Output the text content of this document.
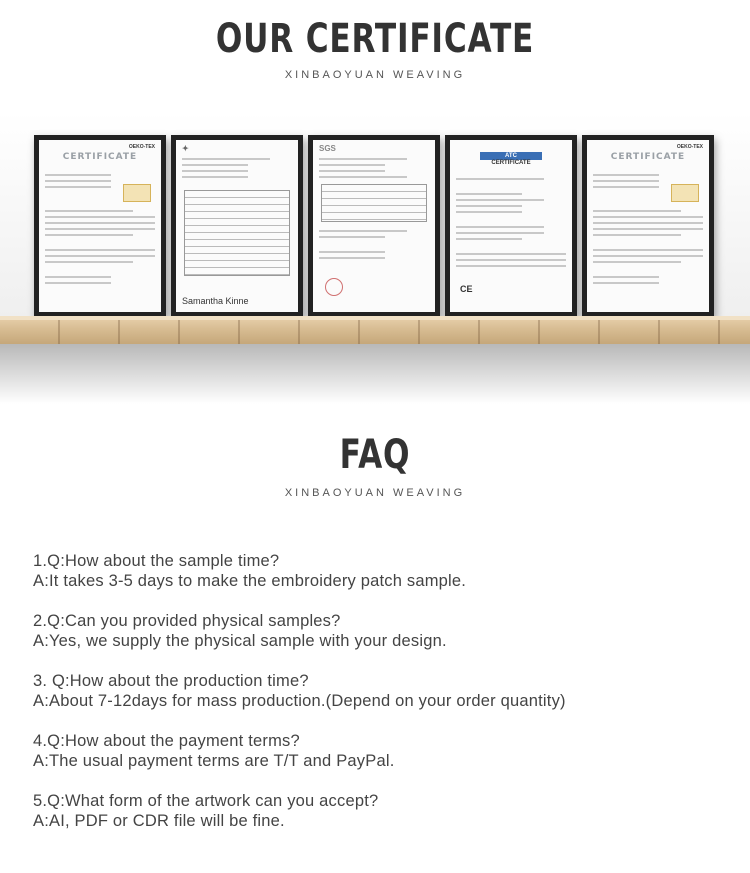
OUR CERTIFICATE

XINBAOYUAN WEAVING

OEKO-TEX
CERTIFICATE
✦
Samantha Kinne
SGS
ATC
CERTIFICATE
CE
OEKO-TEX
CERTIFICATE
FAQ

XINBAOYUAN WEAVING

1.Q:How about the sample time?

A:It takes 3-5 days to make the embroidery patch sample.

2.Q:Can you provided physical samples?

A:Yes, we supply the physical sample with your design.

3. Q:How about the production time?

A:About 7-12days for mass production.(Depend on your order quantity)

4.Q:How about the payment terms?

A:The usual payment terms are T/T and PayPal.

5.Q:What form of the artwork can you accept?

A:AI, PDF or CDR file will be fine.
